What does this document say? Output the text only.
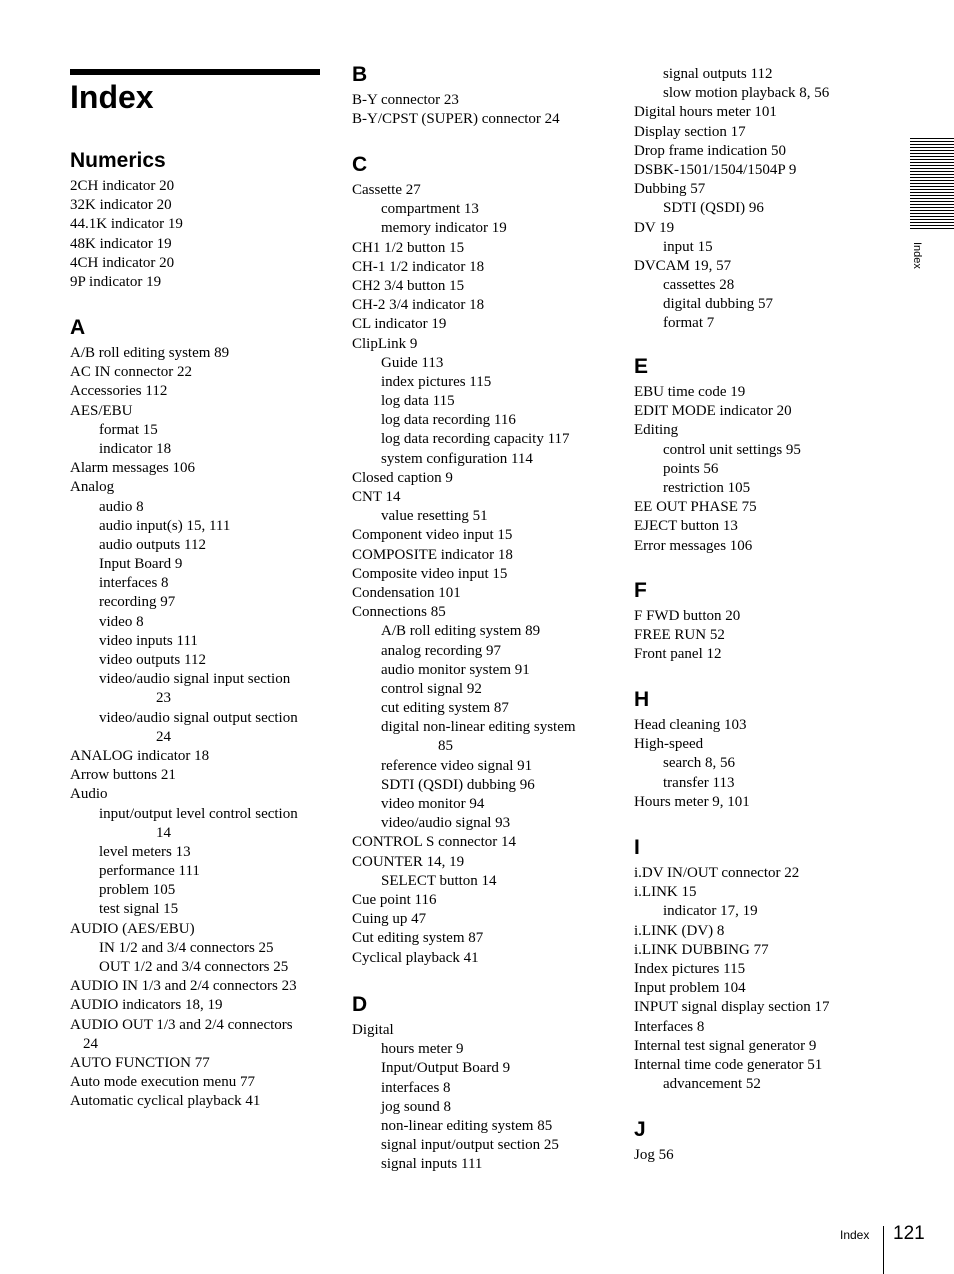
Index
Numerics
2CH indicator 20
32K indicator 20
44.1K indicator 19
48K indicator 19
4CH indicator 20
9P indicator 19
A
A/B roll editing system 89
AC IN connector 22
Accessories 112
AES/EBU
format 15
indicator 18
Alarm messages 106
Analog
audio 8
audio input(s) 15, 111
audio outputs 112
Input Board 9
interfaces 8
recording 97
video 8
video inputs 111
video outputs 112
video/audio signal input section
23
video/audio signal output section
24
ANALOG indicator 18
Arrow buttons 21
Audio
input/output level control section
14
level meters 13
performance 111
problem 105
test signal 15
AUDIO (AES/EBU)
IN 1/2 and 3/4 connectors 25
OUT 1/2 and 3/4 connectors 25
AUDIO IN 1/3 and 2/4 connectors 23
AUDIO indicators 18, 19
AUDIO OUT 1/3 and 2/4 connectors
24
AUTO FUNCTION 77
Auto mode execution menu 77
Automatic cyclical playback 41
B
B-Y connector 23
B-Y/CPST (SUPER) connector 24
C
Cassette 27
compartment 13
memory indicator 19
CH1 1/2 button 15
CH-1 1/2 indicator 18
CH2 3/4 button 15
CH-2 3/4 indicator 18
CL indicator 19
ClipLink 9
Guide 113
index pictures 115
log data 115
log data recording 116
log data recording capacity 117
system configuration 114
Closed caption 9
CNT 14
value resetting 51
Component video input 15
COMPOSITE indicator 18
Composite video input 15
Condensation 101
Connections 85
A/B roll editing system 89
analog recording 97
audio monitor system 91
control signal 92
cut editing system 87
digital non-linear editing system
85
reference video signal 91
SDTI (QSDI) dubbing 96
video monitor 94
video/audio signal 93
CONTROL S connector 14
COUNTER 14, 19
SELECT button 14
Cue point 116
Cuing up 47
Cut editing system 87
Cyclical playback 41
D
Digital
hours meter 9
Input/Output Board 9
interfaces 8
jog sound 8
non-linear editing system 85
signal input/output section 25
signal inputs 111
signal outputs 112
slow motion playback 8, 56
Digital hours meter 101
Display section 17
Drop frame indication 50
DSBK-1501/1504/1504P 9
Dubbing 57
SDTI (QSDI) 96
DV 19
input 15
DVCAM 19, 57
cassettes 28
digital dubbing 57
format 7
E
EBU time code 19
EDIT MODE indicator 20
Editing
control unit settings 95
points 56
restriction 105
EE OUT PHASE 75
EJECT button 13
Error messages 106
F
F FWD button 20
FREE RUN 52
Front panel 12
H
Head cleaning 103
High-speed
search 8, 56
transfer 113
Hours meter 9, 101
I
i.DV IN/OUT connector 22
i.LINK 15
indicator 17, 19
i.LINK (DV) 8
i.LINK DUBBING 77
Index pictures 115
Input problem 104
INPUT signal display section 17
Interfaces 8
Internal test signal generator 9
Internal time code generator 51
advancement 52
J
Jog 56
Index
Index 121
